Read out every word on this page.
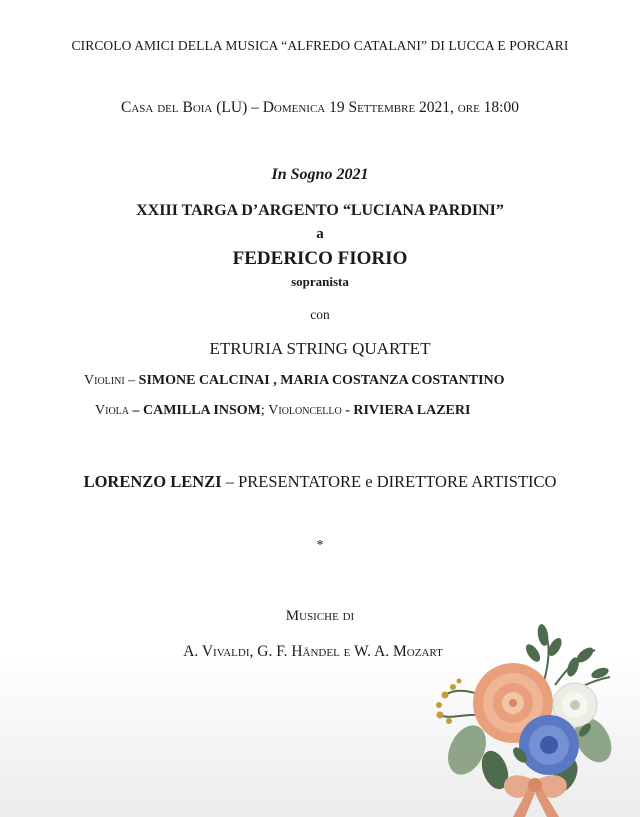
CIRCOLO AMICI DELLA MUSICA “ALFREDO CATALANI” DI LUCCA E PORCARI
Casa del Boia (LU) – Domenica 19 Settembre 2021, ore 18:00
In Sogno 2021
XXIII TARGA D’ARGENTO “LUCIANA PARDINI”
a
FEDERICO FIORIO
sopranista
con
ETRURIA STRING QUARTET
Violini – SIMONE CALCINAI , MARIA COSTANZA COSTANTINO
Viola – CAMILLA INSOM; Violoncello - RIVIERA LAZERI
LORENZO LENZI – PRESENTATORE e DIRETTORE ARTISTICO
*
Musiche di
A. Vivaldi, G. F. Händel e W. A. Mozart
